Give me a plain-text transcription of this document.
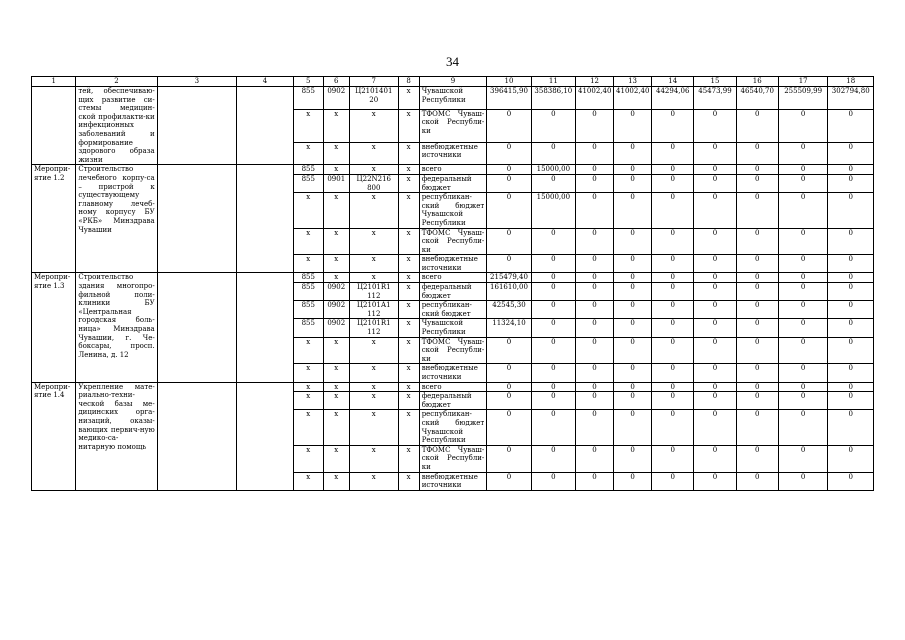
34
1	2	3	4	5	6	7	8	9	10	11	12	13	14	15	16	17	18
	тей, обеспечиваю-щих развитие си-стемы медицин-ской профилакти-ки инфекционных заболеваний и формирование здорового образа жизни			855	0902	Ц2101401 20	х	Чувашской Республики	396415,90	358386,10	41002,40	41002,40	44294,06	45473,99	46540,70	255509,99	302794,80
				х	х	х	х	ТФОМС Чуваш-ской Республи-ки	0	0	0	0	0	0	0	0	0
				х	х	х	х	внебюджетные источники	0	0	0	0	0	0	0	0	0
Меропри-ятие 1.2	Строительство лечебного корпу-са – пристрой к существующему главному лечеб-ному корпусу БУ «РКБ» Минздрава Чувашии			855	х	х	х	всего	0	15000,00	0	0	0	0	0	0	0
				855	0901	Ц22N216 800	х	федеральный бюджет	0	0	0	0	0	0	0	0	0
				х	х	х	х	республикан-ский бюджет Чувашской Республики	0	15000,00	0	0	0	0	0	0	0
				х	х	х	х	ТФОМС Чуваш-ской Республи-ки	0	0	0	0	0	0	0	0	0
				х	х	х	х	внебюджетные источники	0	0	0	0	0	0	0	0	0
Меропри-ятие 1.3	Строительство здания многопро-фильной поли-клиники БУ «Центральная городская боль-ница» Минздрава Чувашии, г. Че-боксары, просп. Ленина, д. 12			855	х	х	х	всего	215479,40	0	0	0	0	0	0	0	0
				855	0902	Ц2101R1 112	х	федеральный бюджет	161610,00	0	0	0	0	0	0	0	0
				855	0902	Ц2101А1 112	х	республикан-ский бюджет	42545,30	0	0	0	0	0	0	0	0
				855	0902	Ц2101R1 112	х	Чувашской Республики	11324,10	0	0	0	0	0	0	0	0
				х	х	х	х	ТФОМС Чуваш-ской Республи-ки	0	0	0	0	0	0	0	0	0
				х	х	х	х	внебюджетные источники	0	0	0	0	0	0	0	0	0
Меропри-ятие 1.4	Укрепление мате-риально-техни-ческой базы ме-дицинских орга-низаций, оказы-вающих первич-ную медико-са-нитарную помощь			х	х	х	х	всего	0	0	0	0	0	0	0	0	0
				х	х	х	х	федеральный бюджет	0	0	0	0	0	0	0	0	0
				х	х	х	х	республикан-ский бюджет Чувашской Республики	0	0	0	0	0	0	0	0	0
				х	х	х	х	ТФОМС Чуваш-ской Республи-ки	0	0	0	0	0	0	0	0	0
				х	х	х	х	внебюджетные источники	0	0	0	0	0	0	0	0	0
